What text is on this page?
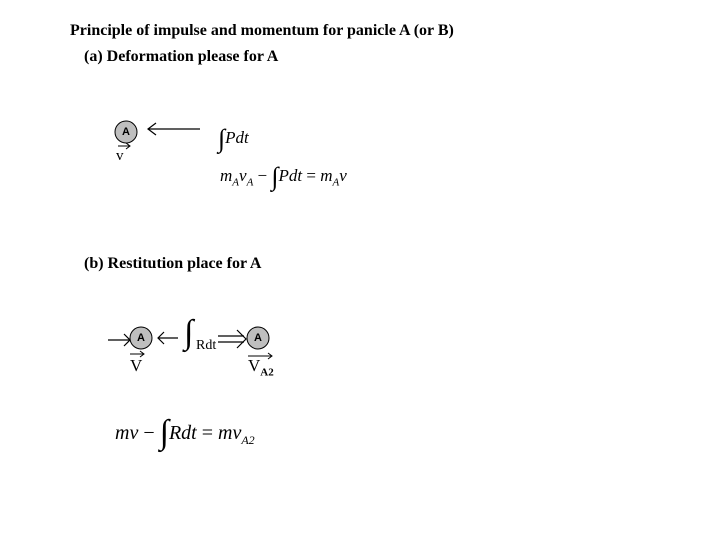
Principle of impulse and momentum for panicle A (or B)
(a) Deformation please for A
A
v
∫Pdt
$m_Av_A - \int Pdt = m_Av$
(b) Restitution place for A
A	A
∫ Rdt
V	$V_{A2}$
mv − $\int Rdt = mv_{A2}$
